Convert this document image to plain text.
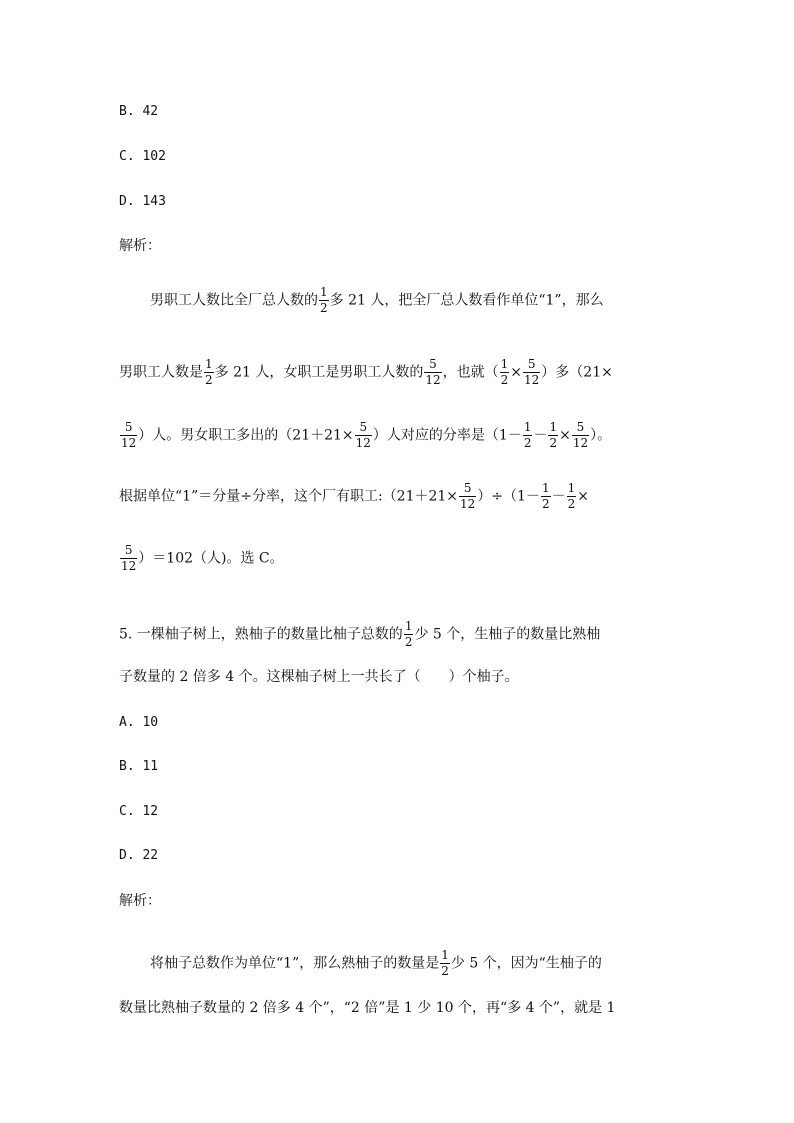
B. 42
C. 102
D. 143
解析：
男职工人数比全厂总人数的 $\frac{1}{2}$ 多 21 人，把全厂总人数看作单位“1”，那么
男职工人数是 $\frac{1}{2}$ 多 21 人，女职工是男职工人数的 $\frac{5}{12}$ ，也就（ $\frac{1}{2} \times \frac{5}{12}$ ）多（21×
$\frac{5}{12}$ ）人。男女职工多出的（$21+21\times \frac{5}{12}$ ）人对应的分率是（$1- \frac{1}{2} - \frac{1}{2} \times \frac{5}{12}$ ）。
根据单位“1”＝分量÷分率，这个厂有职工:（21＋21× $\frac{5}{12} )\div(1- \frac{1}{2} - \frac{1}{2}$ ×
$\frac{5}{12} )=102$（人)。选 C。
5. 一棵柚子树上，熟柚子的数量比柚子总数的 $\frac{1}{2}$ 少 5 个，生柚子的数量比熟柚
子数量的 2 倍多 4 个。这棵柚子树上一共长了（　　）个柚子。
A. 10
B. 11
C. 12
D. 22
解析：
将柚子总数作为单位“1”，那么熟柚子的数量是 $\frac{1}{2}$ 少 5 个，因为“生柚子的
数量比熟柚子数量的 2 倍多 4 个”，“2 倍”是 1 少 10 个，再“多 4 个”，就是 1
